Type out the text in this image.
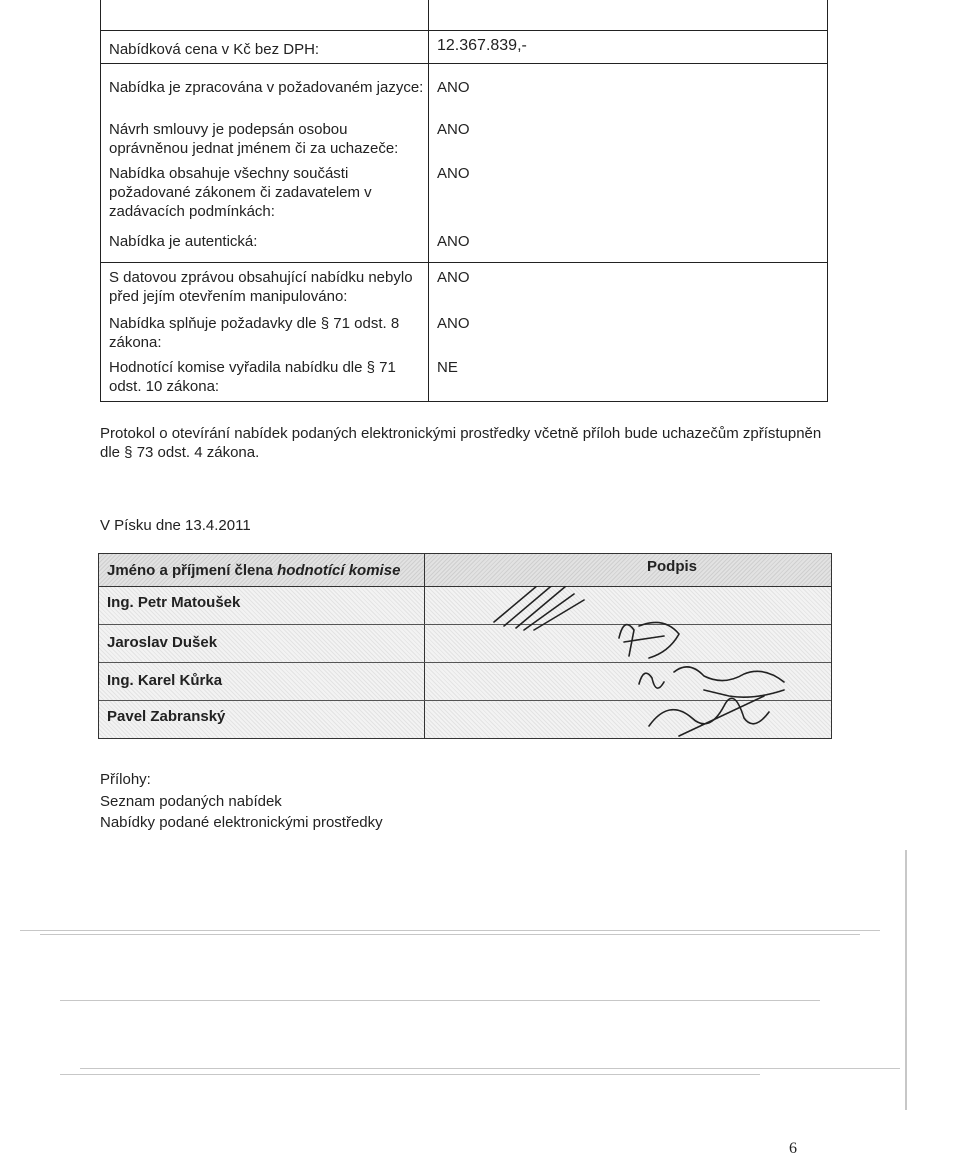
Nabídková cena v Kč bez DPH:	12.367.839,-
Nabídka je zpracována v požadovaném jazyce: ANO
Návrh smlouvy je podepsán osobou oprávněnou jednat jménem či za uchazeče:
ANO
Nabídka obsahuje všechny součásti požadované zákonem či zadavatelem v zadávacích podmínkách:
ANO
Nabídka je autentická:	ANO
S datovou zprávou obsahující nabídku nebylo před jejím otevřením manipulováno:
ANO
Nabídka splňuje požadavky dle § 71 odst. 8 zákona:
ANO
Hodnotící komise vyřadila nabídku dle § 71 odst. 10 zákona:
NE
Protokol o otevírání nabídek podaných elektronickými prostředky včetně příloh bude uchazečům zpřístupněn dle § 73 odst. 4 zákona.
V Písku dne 13.4.2011
Jméno a příjmení člena hodnotící komise	Podpis
Ing. Petr Matoušek
Jaroslav Dušek
Ing. Karel Kůrka
Pavel Zabranský
Přílohy:
Seznam podaných nabídek
Nabídky podané elektronickými prostředky
6
